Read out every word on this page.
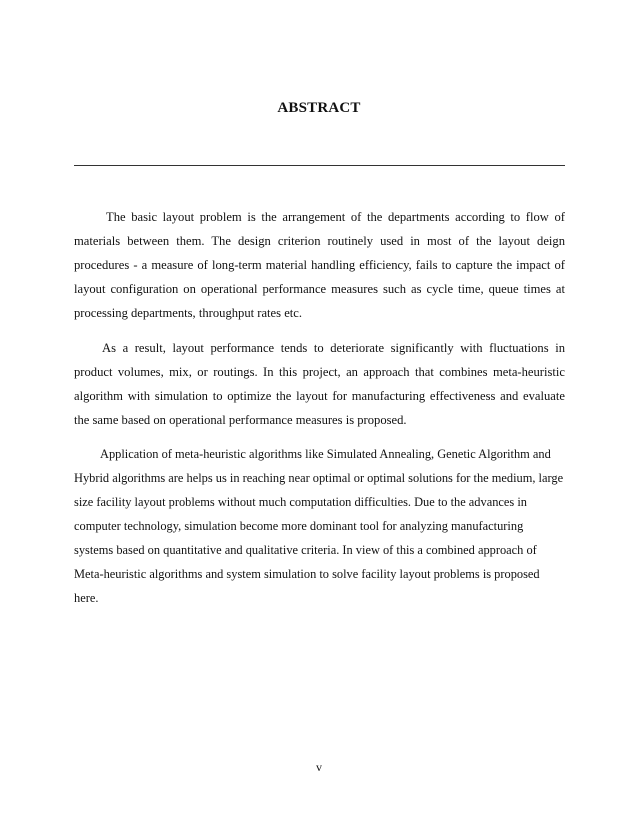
ABSTRACT

The basic layout problem is the arrangement of the departments according to flow of materials between them. The design criterion routinely used in most of the layout deign procedures - a measure of long-term material handling efficiency, fails to capture the impact of layout configuration on operational performance measures such as cycle time, queue times at processing departments, throughput rates etc.

As a result, layout performance tends to deteriorate significantly with fluctuations in product volumes, mix, or routings. In this project, an approach that combines meta-heuristic algorithm with simulation to optimize the layout for manufacturing effectiveness and evaluate the same based on operational performance measures is proposed.

Application of meta-heuristic algorithms like Simulated Annealing, Genetic Algorithm and Hybrid algorithms are helps us in reaching near optimal or optimal solutions for the medium, large size facility layout problems without much computation difficulties. Due to the advances in computer technology, simulation become more dominant tool for analyzing manufacturing systems based on quantitative and qualitative criteria. In view of this a combined approach of Meta-heuristic algorithms and system simulation to solve facility layout problems is proposed here.

v
